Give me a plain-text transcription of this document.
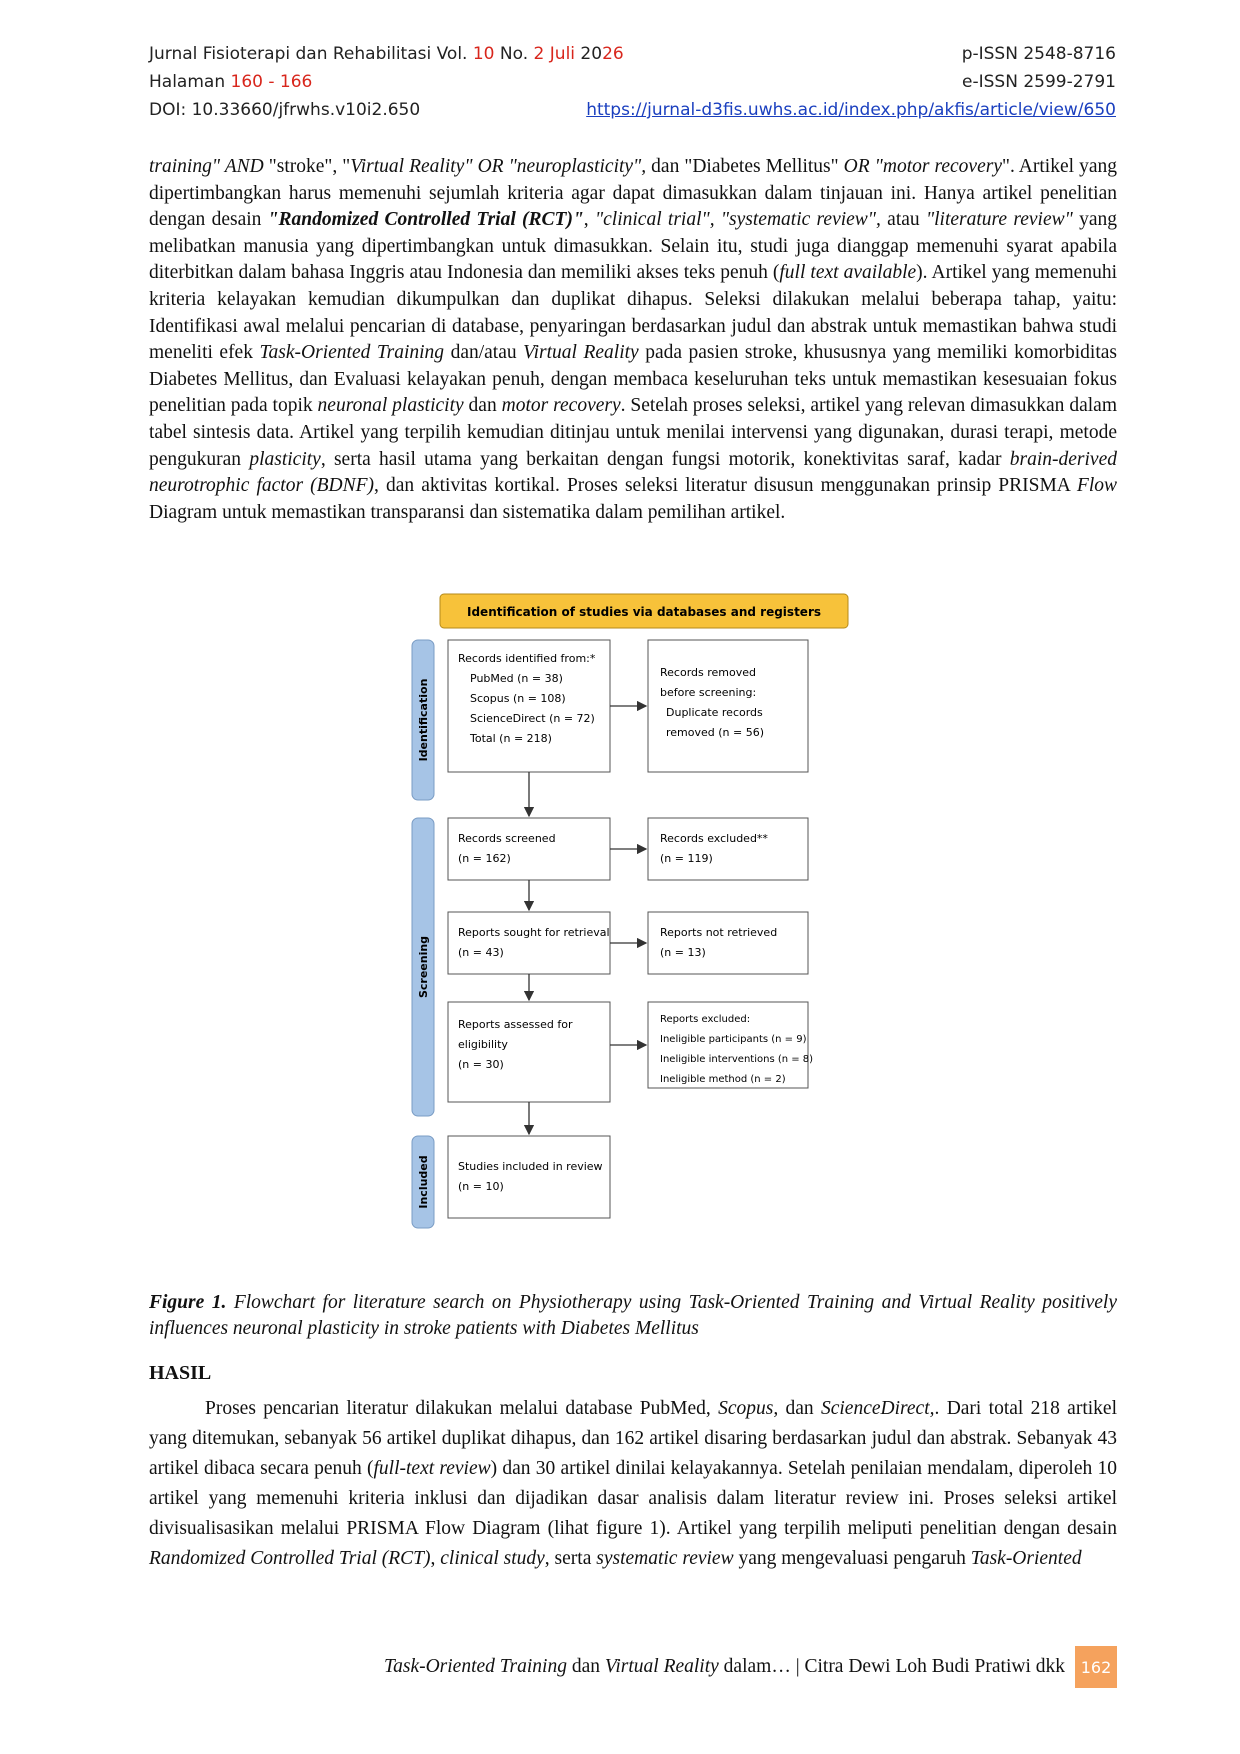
Jurnal Fisioterapi dan Rehabilitasi Vol. 10 No. 2 Juli 2026	p-ISSN 2548-8716
Halaman 160 - 166	e-ISSN 2599-2791
DOI: 10.33660/jfrwhs.v10i2.650	https://jurnal-d3fis.uwhs.ac.id/index.php/akfis/article/view/650
training" AND "stroke", "Virtual Reality" OR "neuroplasticity", dan "Diabetes Mellitus" OR "motor recovery". Artikel yang dipertimbangkan harus memenuhi sejumlah kriteria agar dapat dimasukkan dalam tinjauan ini. Hanya artikel penelitian dengan desain "Randomized Controlled Trial (RCT)", "clinical trial", "systematic review", atau "literature review" yang melibatkan manusia yang dipertimbangkan untuk dimasukkan. Selain itu, studi juga dianggap memenuhi syarat apabila diterbitkan dalam bahasa Inggris atau Indonesia dan memiliki akses teks penuh (full text available). Artikel yang memenuhi kriteria kelayakan kemudian dikumpulkan dan duplikat dihapus. Seleksi dilakukan melalui beberapa tahap, yaitu: Identifikasi awal melalui pencarian di database, penyaringan berdasarkan judul dan abstrak untuk memastikan bahwa studi meneliti efek Task-Oriented Training dan/atau Virtual Reality pada pasien stroke, khususnya yang memiliki komorbiditas Diabetes Mellitus, dan Evaluasi kelayakan penuh, dengan membaca keseluruhan teks untuk memastikan kesesuaian fokus penelitian pada topik neuronal plasticity dan motor recovery. Setelah proses seleksi, artikel yang relevan dimasukkan dalam tabel sintesis data. Artikel yang terpilih kemudian ditinjau untuk menilai intervensi yang digunakan, durasi terapi, metode pengukuran plasticity, serta hasil utama yang berkaitan dengan fungsi motorik, konektivitas saraf, kadar brain-derived neurotrophic factor (BDNF), dan aktivitas kortikal. Proses seleksi literatur disusun menggunakan prinsip PRISMA Flow Diagram untuk memastikan transparansi dan sistematika dalam pemilihan artikel.
Identification of studies via databases and registers
Identification
Screening
Included
Records identified from:* PubMed (n = 38) Scopus (n = 108) ScienceDirect (n = 72) Total (n = 218)
Records screened (n = 162)
Reports sought for retrieval (n = 43)
Reports assessed for eligibility (n = 30)
Studies included in review (n = 10)
Records removed before screening: Duplicate records removed (n = 56)
Records excluded** (n = 119)
Reports not retrieved (n = 13)
Reports excluded: Ineligible participants (n = 9) Ineligible interventions (n = 8) Ineligible method (n = 2)
Figure 1. Flowchart for literature search on Physiotherapy using Task-Oriented Training and Virtual Reality positively influences neuronal plasticity in stroke patients with Diabetes Mellitus
HASIL
Proses pencarian literatur dilakukan melalui database PubMed, Scopus, dan ScienceDirect,. Dari total 218 artikel yang ditemukan, sebanyak 56 artikel duplikat dihapus, dan 162 artikel disaring berdasarkan judul dan abstrak. Sebanyak 43 artikel dibaca secara penuh (full-text review) dan 30 artikel dinilai kelayakannya. Setelah penilaian mendalam, diperoleh 10 artikel yang memenuhi kriteria inklusi dan dijadikan dasar analisis dalam literatur review ini. Proses seleksi artikel divisualisasikan melalui PRISMA Flow Diagram (lihat figure 1). Artikel yang terpilih meliputi penelitian dengan desain Randomized Controlled Trial (RCT), clinical study, serta systematic review yang mengevaluasi pengaruh Task-Oriented
Task-Oriented Training dan Virtual Reality dalam… | Citra Dewi Loh Budi Pratiwi dkk 162
